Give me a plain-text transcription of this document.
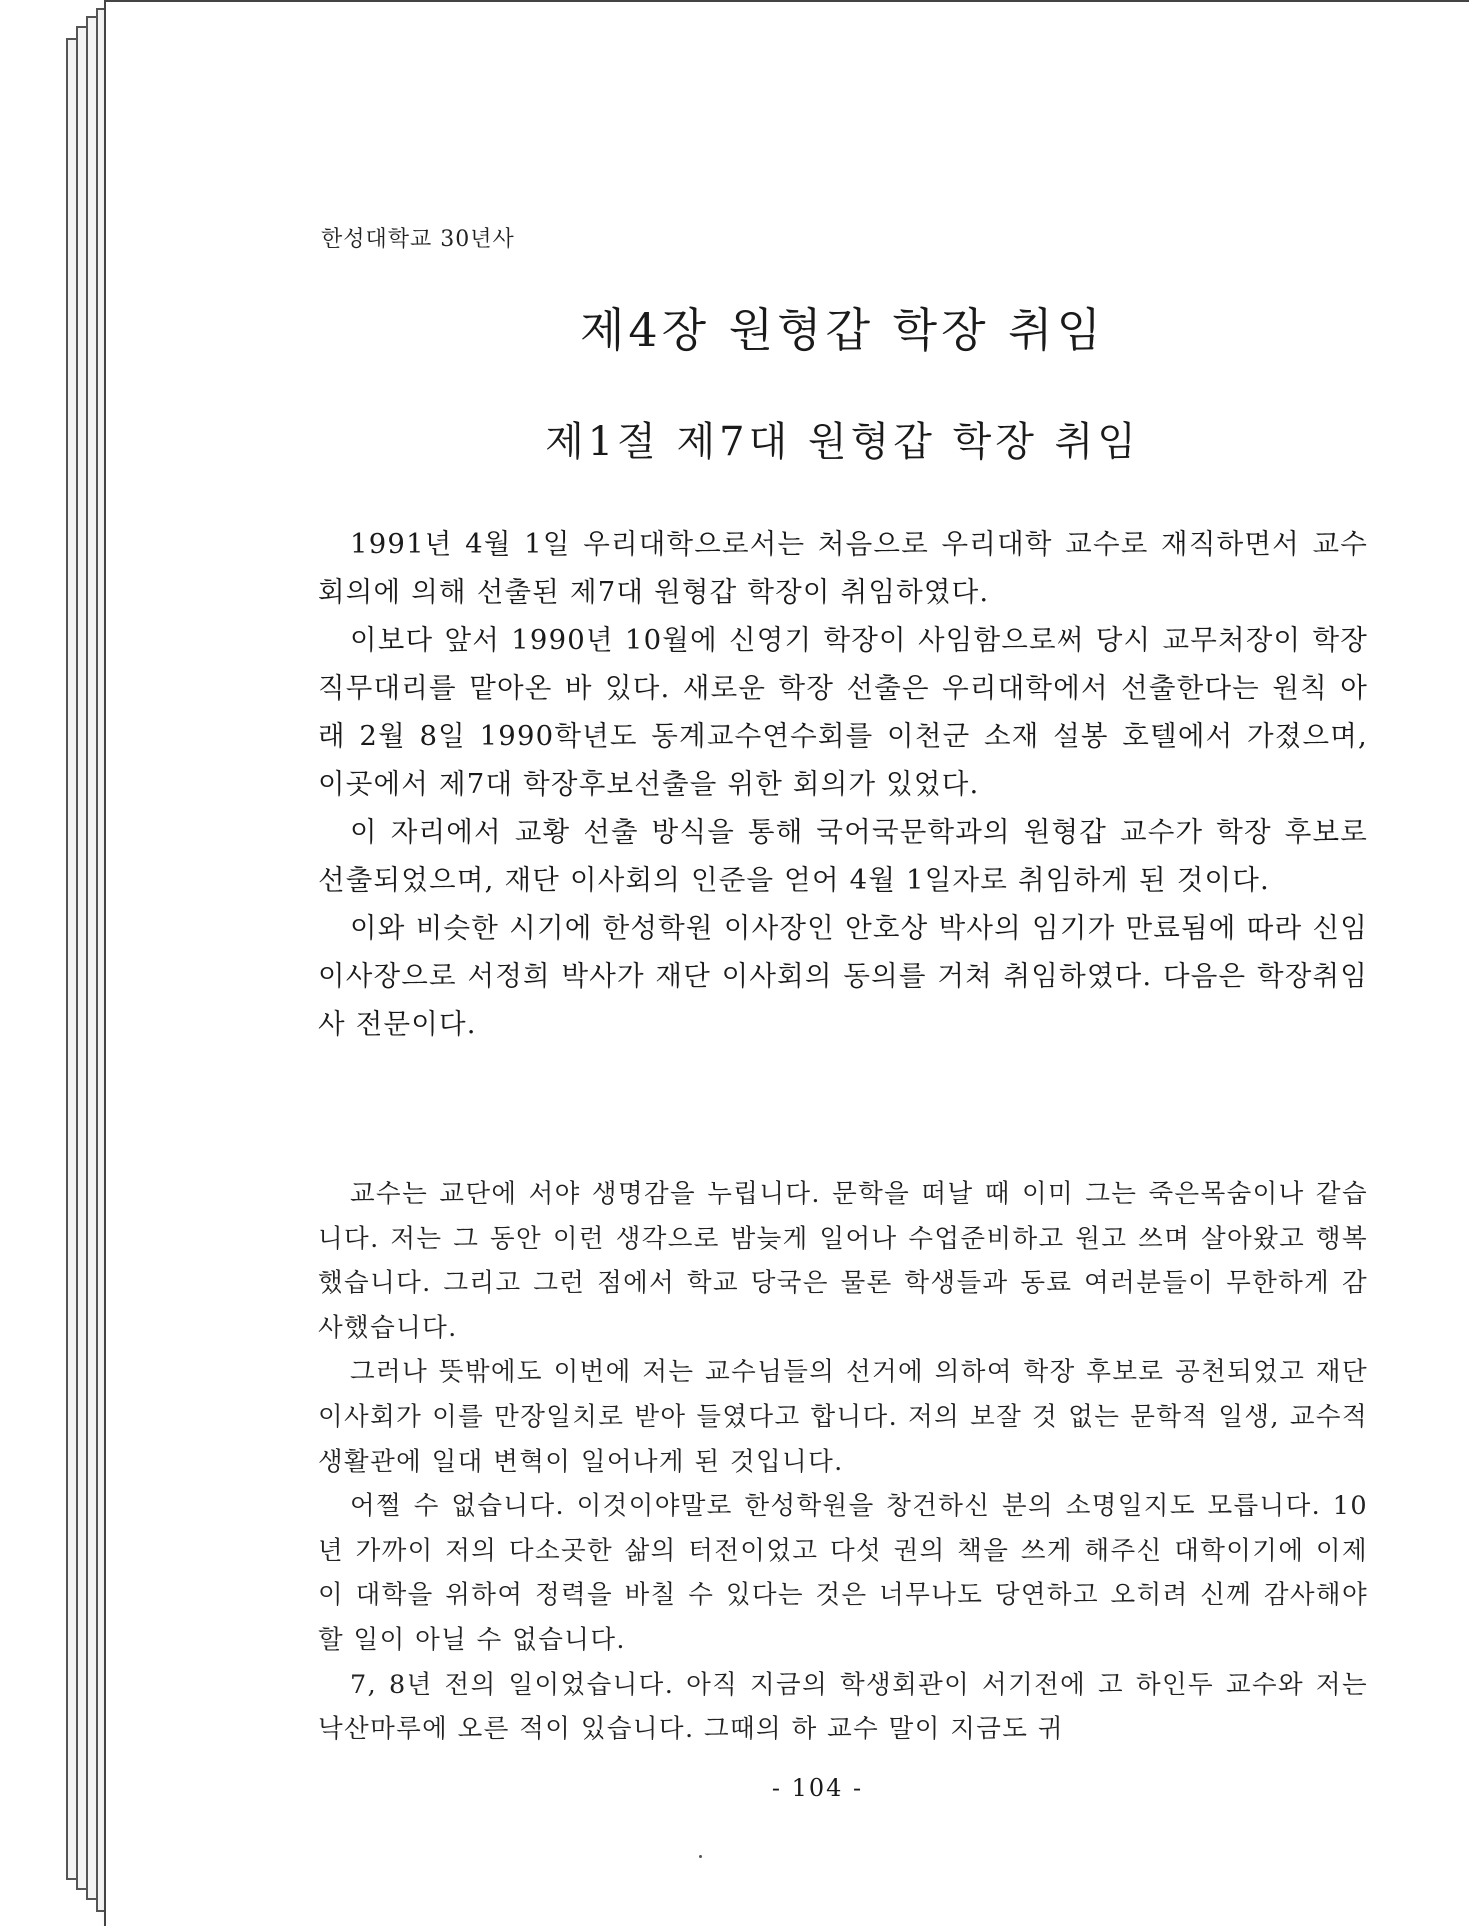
한성대학교 30년사
제4장 원형갑 학장 취임
제1절 제7대 원형갑 학장 취임

1991년 4월 1일 우리대학으로서는 처음으로 우리대학 교수로 재직하면서 교수 회의에 의해 선출된 제7대 원형갑 학장이 취임하였다.

이보다 앞서 1990년 10월에 신영기 학장이 사임함으로써 당시 교무처장이 학장 직무대리를 맡아온 바 있다. 새로운 학장 선출은 우리대학에서 선출한다는 원칙 아래 2월 8일 1990학년도 동계교수연수회를 이천군 소재 설봉 호텔에서 가졌으며, 이곳에서 제7대 학장후보선출을 위한 회의가 있었다.

이 자리에서 교황 선출 방식을 통해 국어국문학과의 원형갑 교수가 학장 후보로 선출되었으며, 재단 이사회의 인준을 얻어 4월 1일자로 취임하게 된 것이다.

이와 비슷한 시기에 한성학원 이사장인 안호상 박사의 임기가 만료됨에 따라 신임 이사장으로 서정희 박사가 재단 이사회의 동의를 거쳐 취임하였다. 다음은 학장취임사 전문이다.

교수는 교단에 서야 생명감을 누립니다. 문학을 떠날 때 이미 그는 죽은목숨이나 같습니다. 저는 그 동안 이런 생각으로 밤늦게 일어나 수업준비하고 원고 쓰며 살아왔고 행복했습니다. 그리고 그런 점에서 학교 당국은 물론 학생들과 동료 여러분들이 무한하게 감사했습니다.

그러나 뜻밖에도 이번에 저는 교수님들의 선거에 의하여 학장 후보로 공천되었고 재단 이사회가 이를 만장일치로 받아 들였다고 합니다. 저의 보잘 것 없는 문학적 일생, 교수적 생활관에 일대 변혁이 일어나게 된 것입니다.

어쩔 수 없습니다. 이것이야말로 한성학원을 창건하신 분의 소명일지도 모릅니다. 10년 가까이 저의 다소곳한 삶의 터전이었고 다섯 권의 책을 쓰게 해주신 대학이기에 이제 이 대학을 위하여 정력을 바칠 수 있다는 것은 너무나도 당연하고 오히려 신께 감사해야 할 일이 아닐 수 없습니다.

7, 8년 전의 일이었습니다. 아직 지금의 학생회관이 서기전에 고 하인두 교수와 저는 낙산마루에 오른 적이 있습니다. 그때의 하 교수 말이 지금도 귀

- 104 -
